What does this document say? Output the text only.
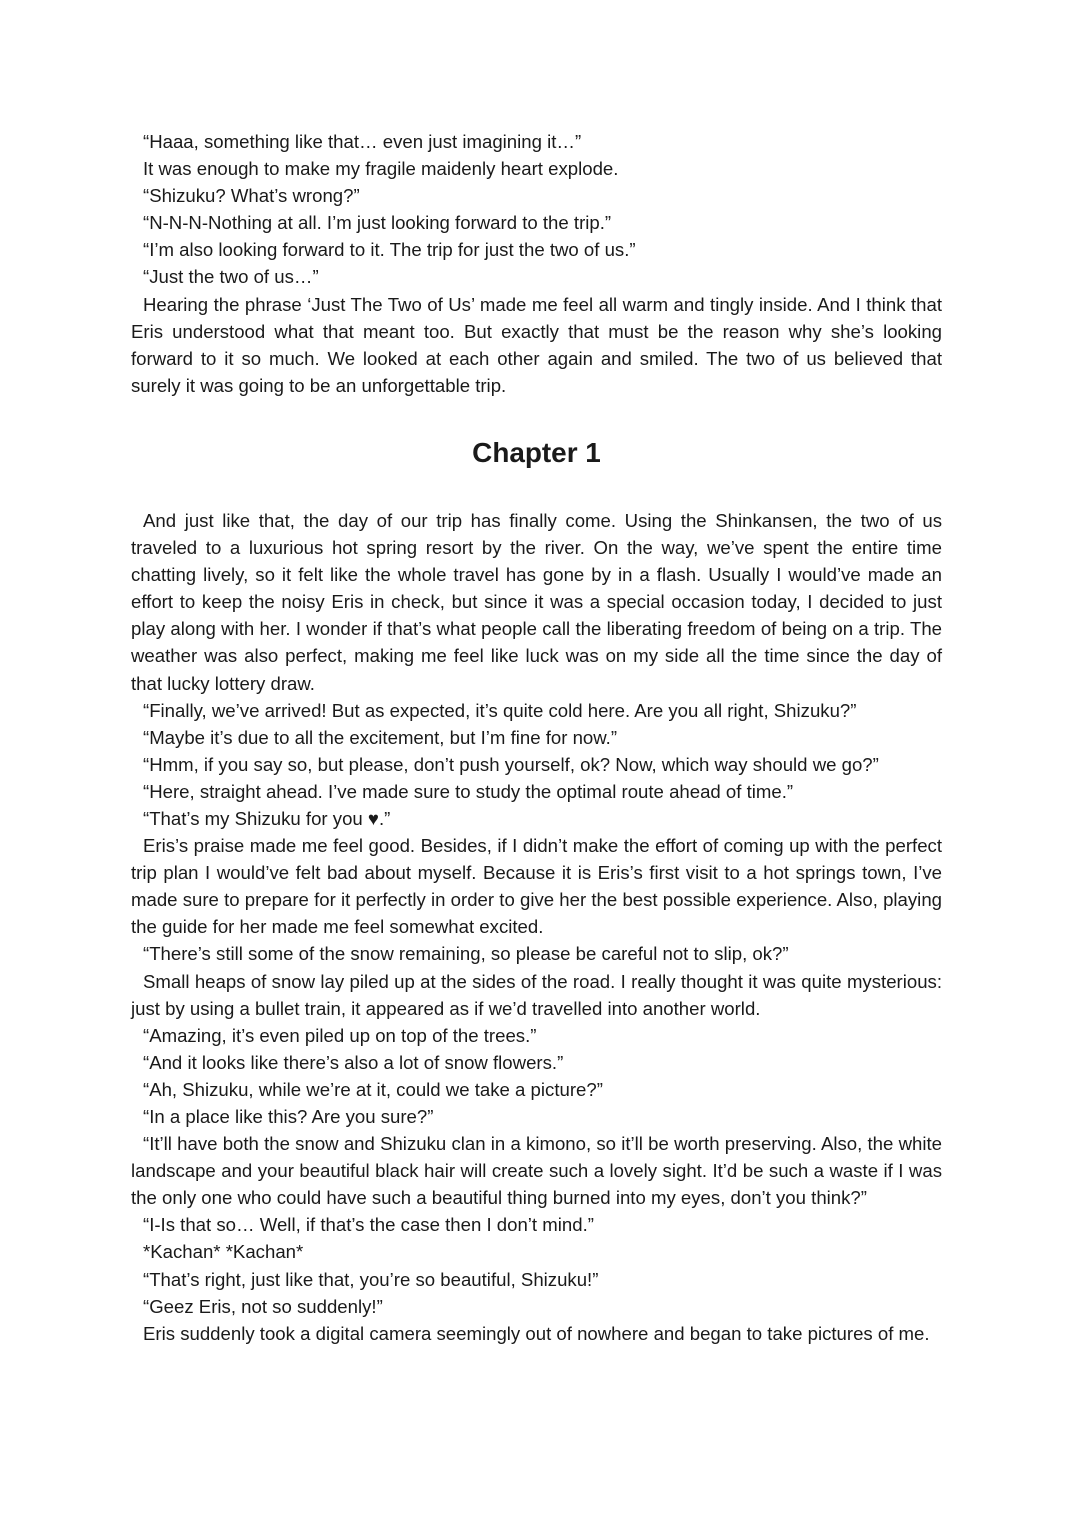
“Haaa, something like that… even just imagining it…”

It was enough to make my fragile maidenly heart explode.

“Shizuku? What’s wrong?”

“N-N-N-Nothing at all. I’m just looking forward to the trip.”

“I’m also looking forward to it. The trip for just the two of us.”

“Just the two of us…”

Hearing the phrase ‘Just The Two of Us’ made me feel all warm and tingly inside. And I think that Eris understood what that meant too. But exactly that must be the reason why she’s looking forward to it so much. We looked at each other again and smiled. The two of us believed that surely it was going to be an unforgettable trip.

Chapter 1

And just like that, the day of our trip has finally come. Using the Shinkansen, the two of us traveled to a luxurious hot spring resort by the river. On the way, we’ve spent the entire time chatting lively, so it felt like the whole travel has gone by in a flash. Usually I would’ve made an effort to keep the noisy Eris in check, but since it was a special occasion today, I decided to just play along with her. I wonder if that’s what people call the liberating freedom of being on a trip. The weather was also perfect, making me feel like luck was on my side all the time since the day of that lucky lottery draw.

“Finally, we’ve arrived! But as expected, it’s quite cold here. Are you all right, Shizuku?”

“Maybe it’s due to all the excitement, but I’m fine for now.”

“Hmm, if you say so, but please, don’t push yourself, ok? Now, which way should we go?”

“Here, straight ahead. I’ve made sure to study the optimal route ahead of time.”

“That’s my Shizuku for you ♥.”

Eris’s praise made me feel good. Besides, if I didn’t make the effort of coming up with the perfect trip plan I would’ve felt bad about myself. Because it is Eris’s first visit to a hot springs town, I’ve made sure to prepare for it perfectly in order to give her the best possible experience. Also, playing the guide for her made me feel somewhat excited.

“There’s still some of the snow remaining, so please be careful not to slip, ok?”

Small heaps of snow lay piled up at the sides of the road. I really thought it was quite mysterious: just by using a bullet train, it appeared as if we’d travelled into another world.

“Amazing, it’s even piled up on top of the trees.”

“And it looks like there’s also a lot of snow flowers.”

“Ah, Shizuku, while we’re at it, could we take a picture?”

“In a place like this? Are you sure?”

“It’ll have both the snow and Shizuku clan in a kimono, so it’ll be worth preserving. Also, the white landscape and your beautiful black hair will create such a lovely sight. It’d be such a waste if I was the only one who could have such a beautiful thing burned into my eyes, don’t you think?”

“I-Is that so… Well, if that’s the case then I don’t mind.”

*Kachan* *Kachan*

“That’s right, just like that, you’re so beautiful, Shizuku!”

“Geez Eris, not so suddenly!”

Eris suddenly took a digital camera seemingly out of nowhere and began to take pictures of me.
